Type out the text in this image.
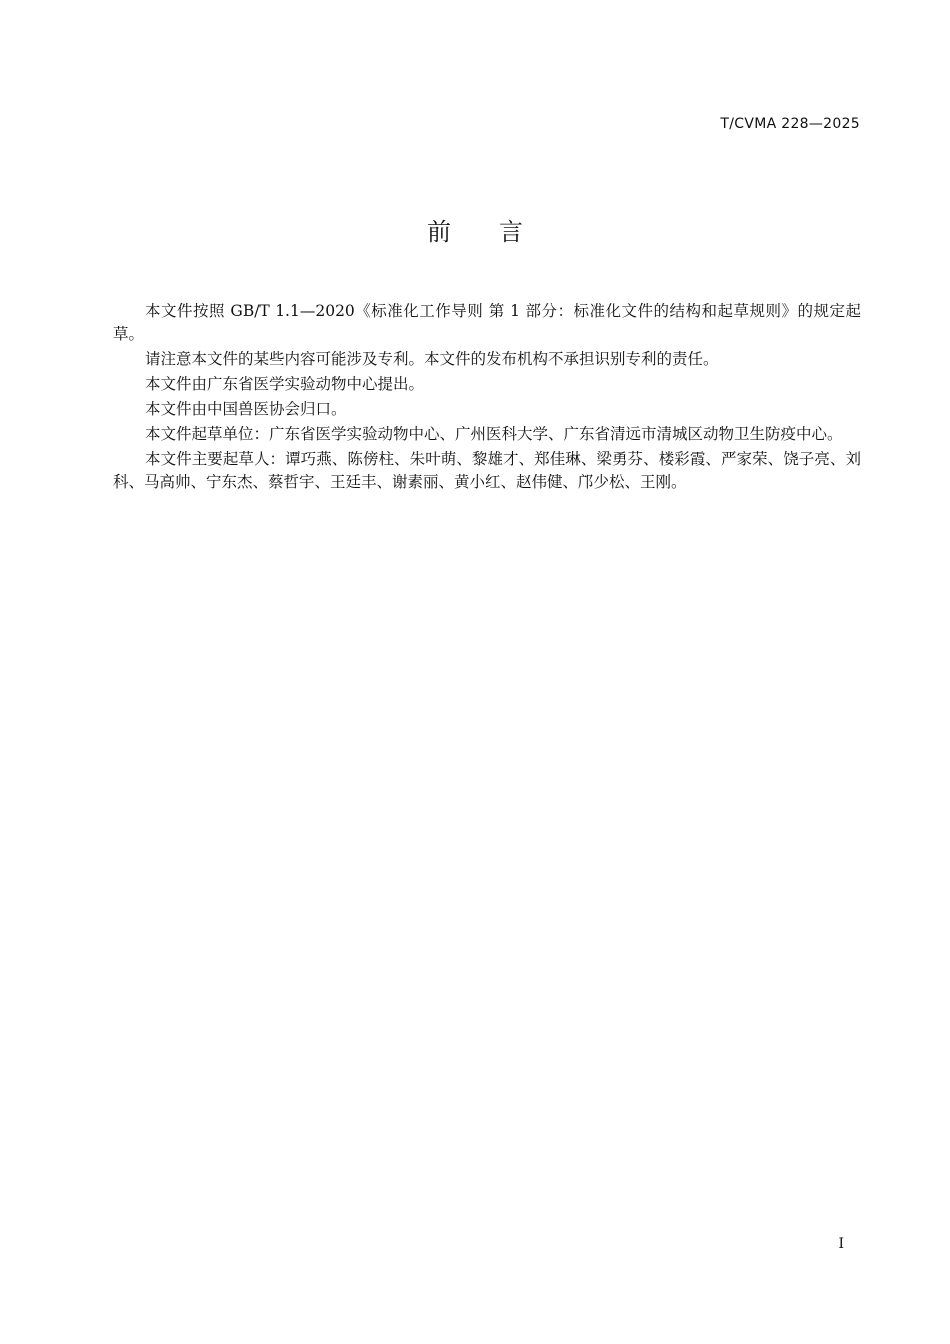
T/CVMA 228—2025
前言

本文件按照 GB/T 1.1—2020《标准化工作导则 第 1 部分：标准化文件的结构和起草规则》的规定起草。

请注意本文件的某些内容可能涉及专利。本文件的发布机构不承担识别专利的责任。

本文件由广东省医学实验动物中心提出。

本文件由中国兽医协会归口。

本文件起草单位：广东省医学实验动物中心、广州医科大学、广东省清远市清城区动物卫生防疫中心。

本文件主要起草人：谭巧燕、陈傍柱、朱叶萌、黎雄才、郑佳琳、梁勇芬、楼彩霞、严家荣、饶子亮、刘科、马高帅、宁东杰、蔡哲宇、王廷丰、谢素丽、黄小红、赵伟健、邝少松、王刚。

I
